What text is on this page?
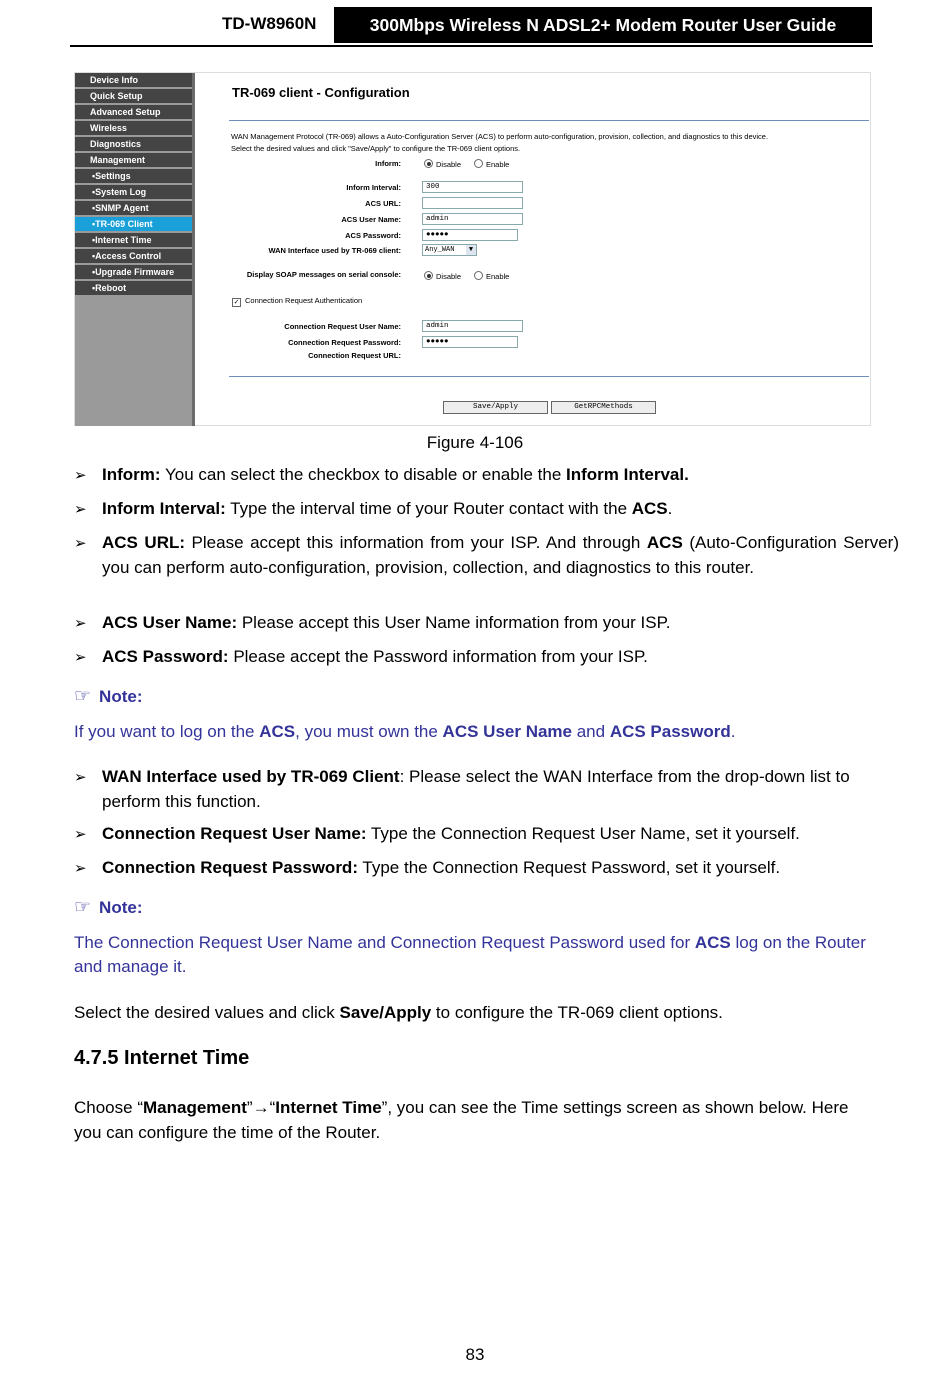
TD-W8960N	300Mbps Wireless N ADSL2+ Modem Router User Guide
Device Info
Quick Setup
Advanced Setup
Wireless
Diagnostics
Management
•Settings
•System Log
•SNMP Agent
•TR-069 Client
•Internet Time
•Access Control
•Upgrade Firmware
•Reboot
TR-069 client - Configuration
WAN Management Protocol (TR-069) allows a Auto-Configuration Server (ACS) to perform auto-configuration, provision, collection, and diagnostics to this device.
Select the desired values and click "Save/Apply" to configure the TR-069 client options.
Inform:	Disable	Enable
Inform Interval:	300
ACS URL:
ACS User Name:	admin
ACS Password:	●●●●●
WAN Interface used by TR-069 client:	Any_WAN	▼
Display SOAP messages on serial console:	Disable	Enable
✓ Connection Request Authentication
Connection Request User Name:	admin
Connection Request Password:	●●●●●
Connection Request URL:
Save/Apply	GetRPCMethods
Figure 4-106
➢ Inform: You can select the checkbox to disable or enable the Inform Interval.
➢ Inform Interval: Type the interval time of your Router contact with the ACS.
➢ ACS URL: Please accept this information from your ISP. And through ACS (Auto-Configuration Server) you can perform auto-configuration, provision, collection, and diagnostics to this router.
➢ ACS User Name: Please accept this User Name information from your ISP.
➢ ACS Password: Please accept the Password information from your ISP.
☞ Note:
If you want to log on the ACS, you must own the ACS User Name and ACS Password.
➢ WAN Interface used by TR-069 Client: Please select the WAN Interface from the drop-down list to perform this function.
➢ Connection Request User Name: Type the Connection Request User Name, set it yourself.
➢ Connection Request Password: Type the Connection Request Password, set it yourself.
☞ Note:
The Connection Request User Name and Connection Request Password used for ACS log on the Router and manage it.
Select the desired values and click Save/Apply to configure the TR-069 client options.
4.7.5 Internet Time
Choose “Management”→“Internet Time”, you can see the Time settings screen as shown below. Here you can configure the time of the Router.
83
